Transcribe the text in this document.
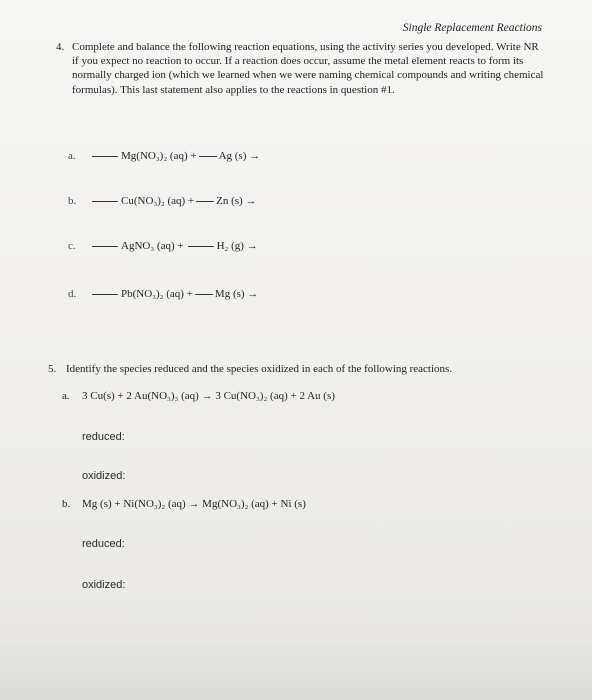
Single Replacement Reactions
4. Complete and balance the following reaction equations, using the activity series you developed. Write NR if you expect no reaction to occur. If a reaction does occur, assume the metal element reacts to form its normally charged ion (which we learned when we were naming chemical compounds and writing chemical formulas). This last statement also applies to the reactions in question #1.
a.	Mg(NO₃)₂ (aq) + Ag (s) →
b.	Cu(NO₃)₂ (aq) + Zn (s) →
c.	AgNO₃ (aq) +	H₂ (g) →
d.	Pb(NO₃)₂ (aq) + Mg (s) →
5. Identify the species reduced and the species oxidized in each of the following reactions.
a. 3 Cu(s) + 2 Au(NO₃)₃ (aq) → 3 Cu(NO₃)₂ (aq) + 2 Au (s)
reduced:
oxidized:
b. Mg (s) + Ni(NO₃)₂ (aq) → Mg(NO₃)₂ (aq) + Ni (s)
reduced:
oxidized:
